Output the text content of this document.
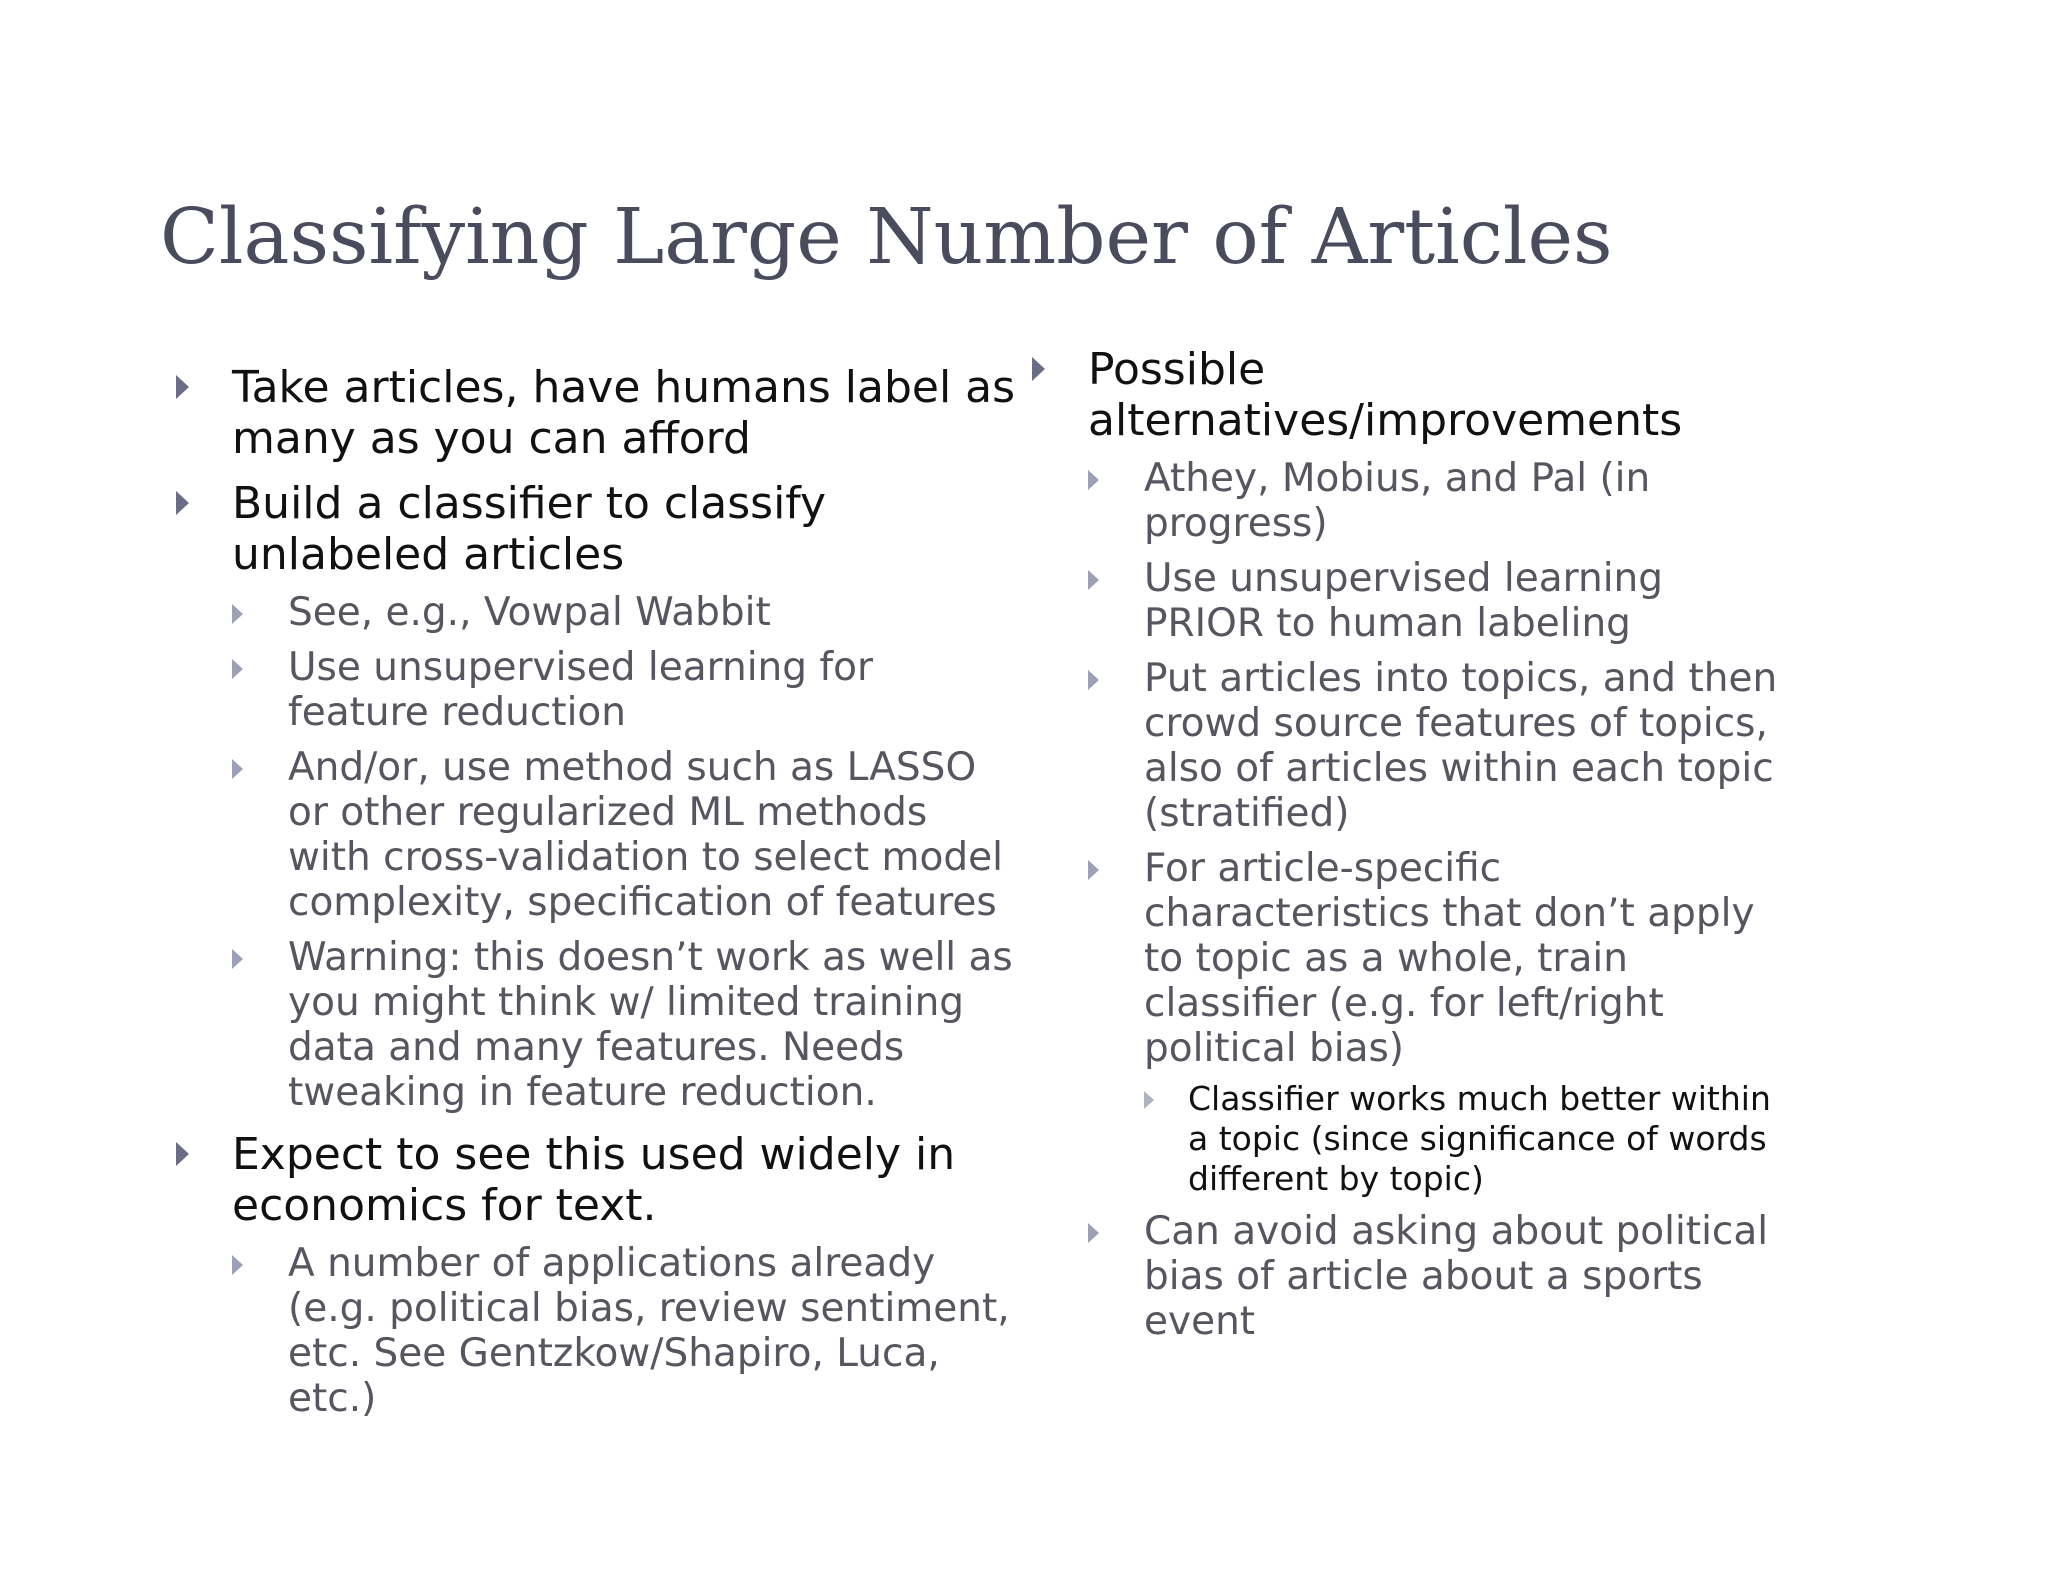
Classifying Large Number of Articles
Take articles, have humans label as many as you can afford
Build a classifier to classify unlabeled articles
See, e.g., Vowpal Wabbit
Use unsupervised learning for feature reduction
And/or, use method such as LASSO or other regularized ML methods with cross-validation to select model complexity, specification of features
Warning: this doesn’t work as well as you might think w/ limited training data and many features. Needs tweaking in feature reduction.
Expect to see this used widely in economics for text.
A number of applications already (e.g. political bias, review sentiment, etc. See Gentzkow/Shapiro, Luca, etc.)
Possible alternatives/improvements
Athey, Mobius, and Pal (in progress)
Use unsupervised learning PRIOR to human labeling
Put articles into topics, and then crowd source features of topics, also of articles within each topic (stratified)
For article-specific characteristics that don’t apply to topic as a whole, train classifier (e.g. for left/right political bias)
Classifier works much better within a topic (since significance of words different by topic)
Can avoid asking about political bias of article about a sports event
